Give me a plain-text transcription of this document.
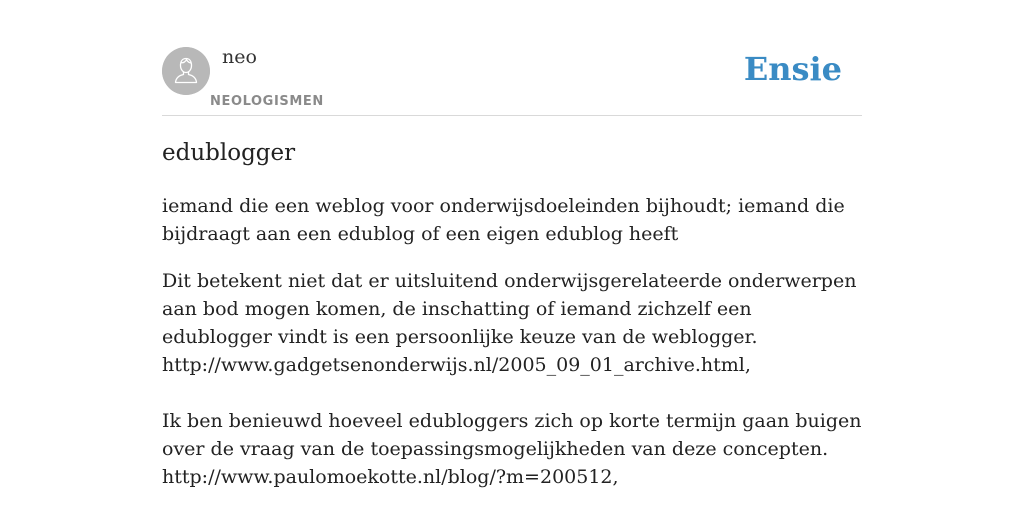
neo
NEOLOGISMEN
Ensie
edublogger
iemand die een weblog voor onderwijsdoeleinden bijhoudt; iemand die bijdraagt aan een edublog of een eigen edublog heeft
Dit betekent niet dat er uitsluitend onderwijsgerelateerde onderwerpen aan bod mogen komen, de inschatting of iemand zichzelf een edublogger vindt is een persoonlijke keuze van de weblogger.
http://www.gadgetsenonderwijs.nl/2005_09_01_archive.html,
Ik ben benieuwd hoeveel edubloggers zich op korte termijn gaan buigen over de vraag van de toepassingsmogelijkheden van deze concepten.
http://www.paulomoekotte.nl/blog/?m=200512,
